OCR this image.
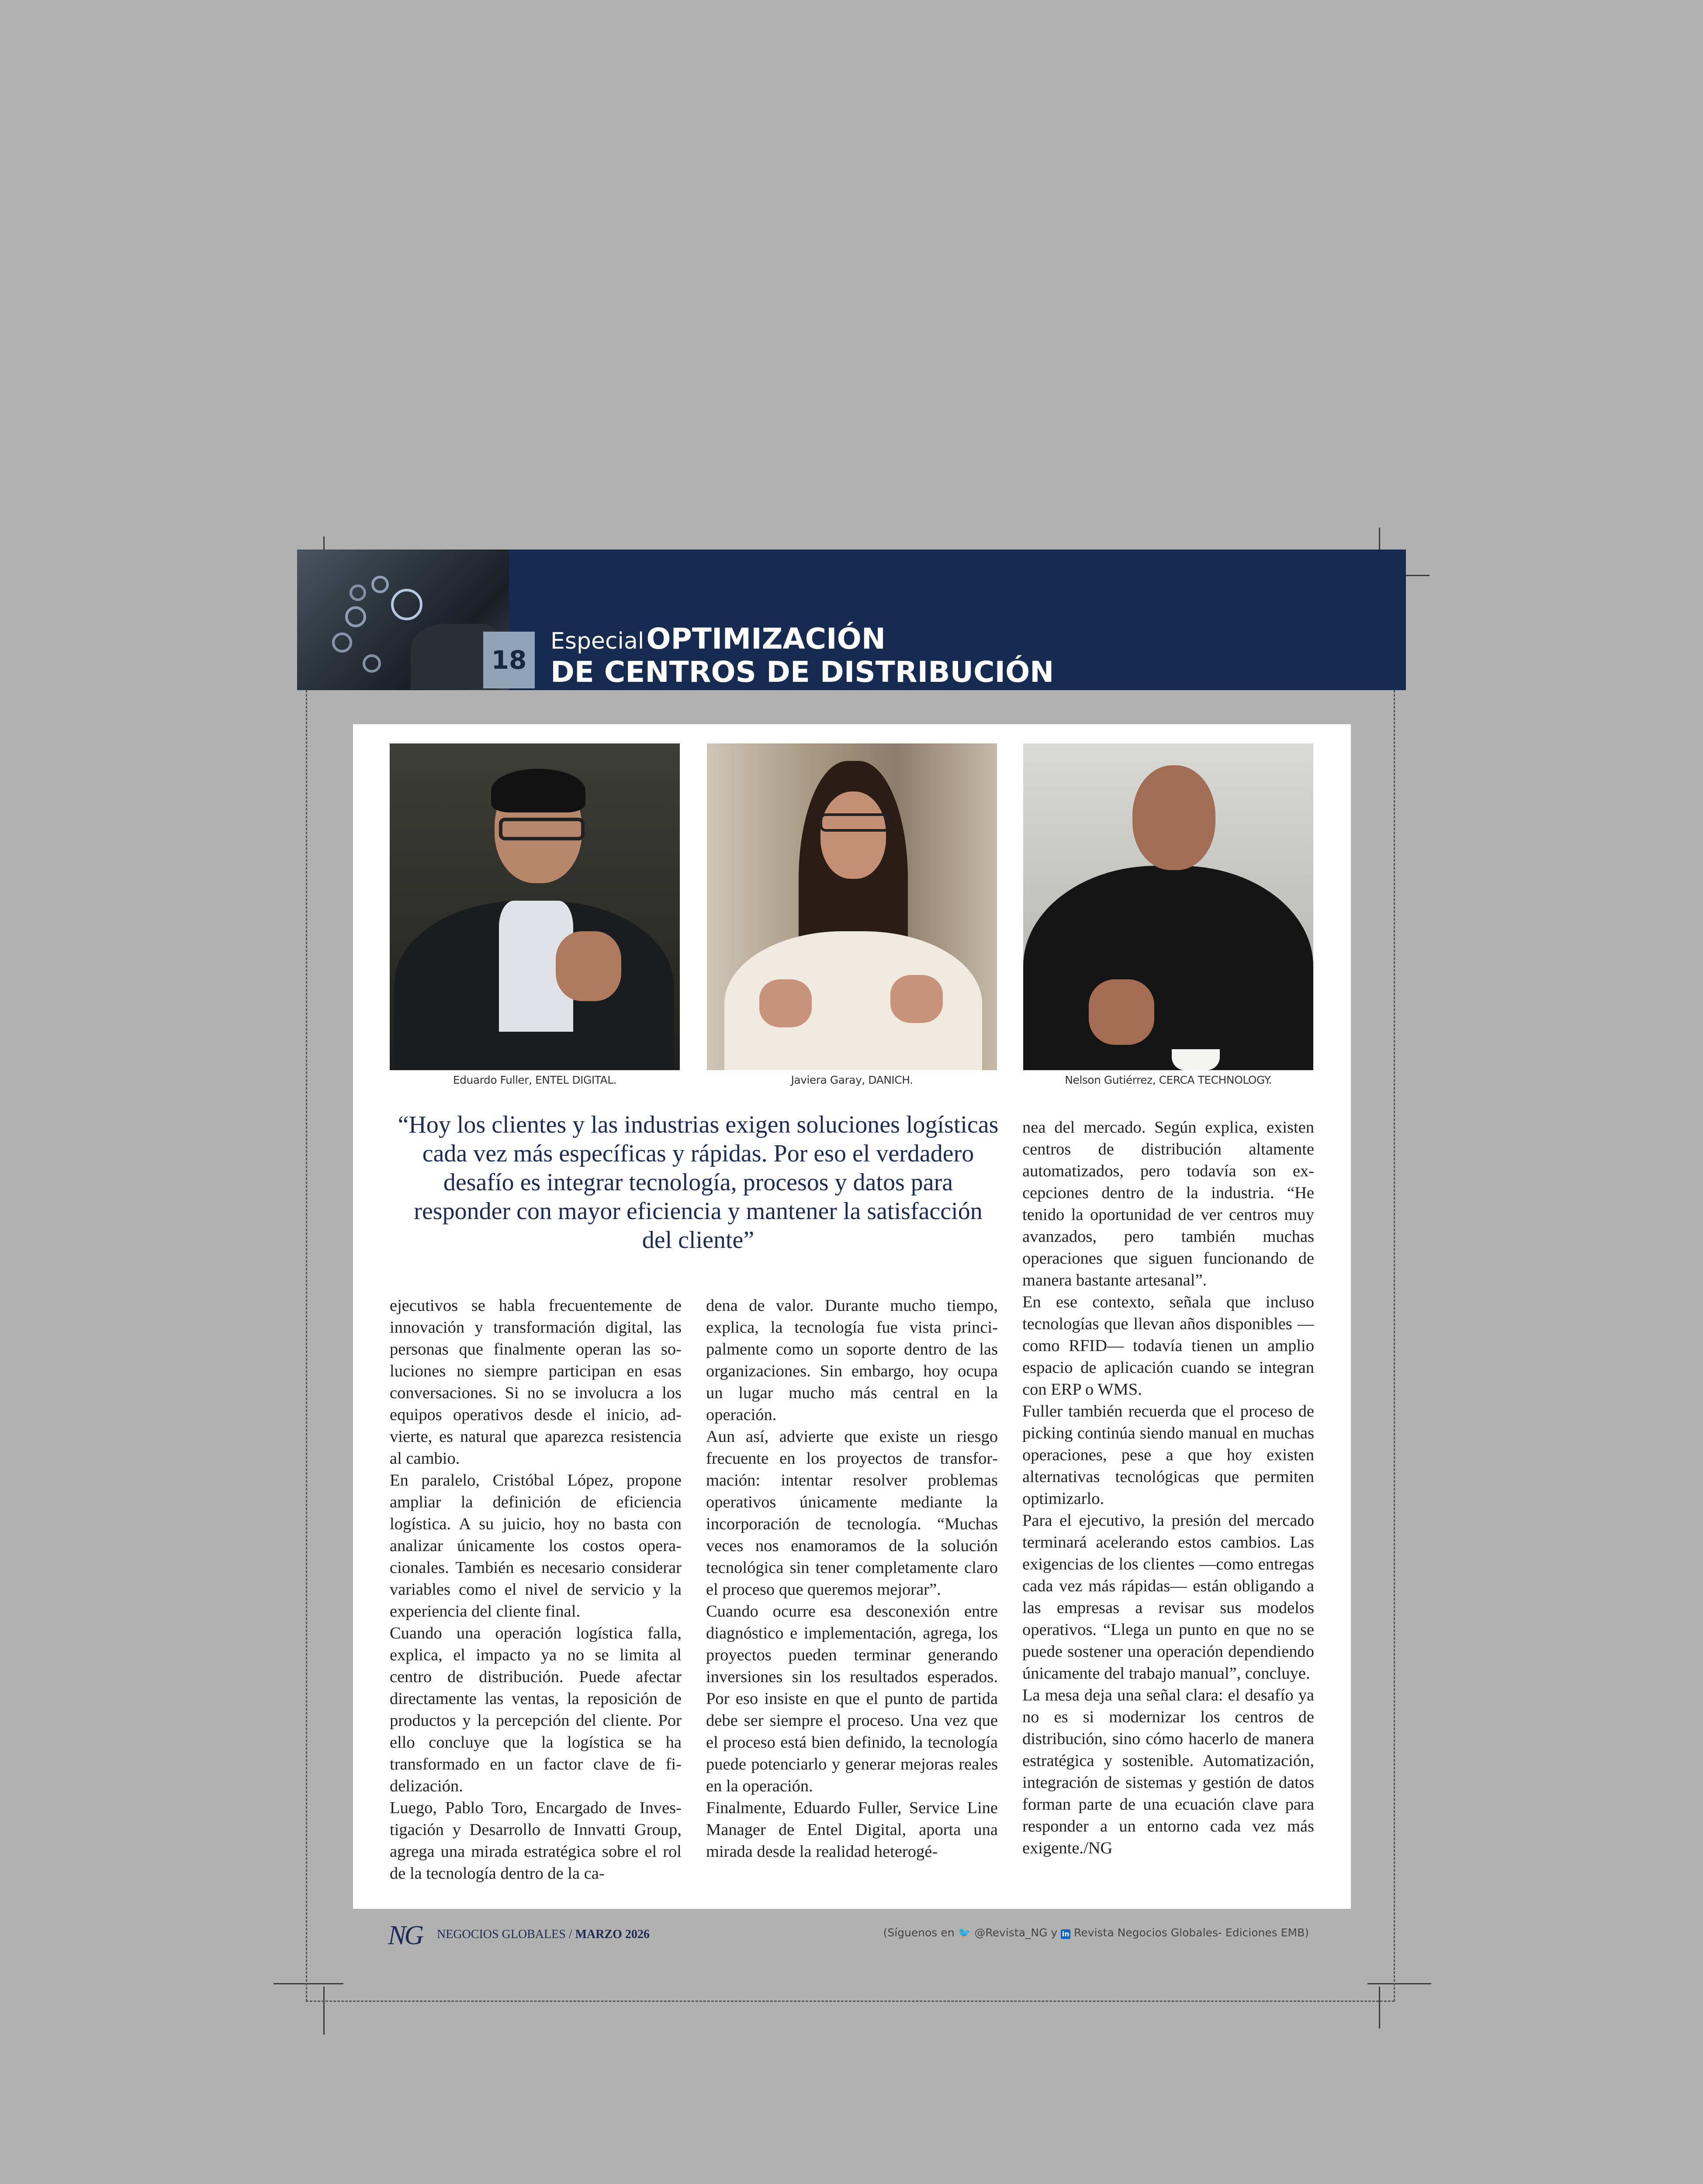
18
Especial OPTIMIZACIÓN
DE CENTROS DE DISTRIBUCIÓN
Eduardo Fuller, ENTEL DIGITAL.	Javiera Garay, DANICH.	Nelson Gutiérrez, CERCA TECHNOLOGY.
“Hoy los clientes y las industrias exigen soluciones logísticas cada vez más específicas y rápidas. Por eso el verdadero desafío es integrar tecnología, procesos y datos para responder con mayor eficiencia y mantener la satisfacción del cliente”

ejecutivos se habla frecuentemente de innovación y transformación digital, las personas que finalmente operan las soluciones no siempre participan en esas conversaciones. Si no se involucra a los equipos operativos desde el inicio, advierte, es natural que aparezca resistencia al cambio.

En paralelo, Cristóbal López, propone ampliar la definición de eficiencia logística. A su juicio, hoy no basta con analizar únicamente los costos operacionales. También es necesario considerar variables como el nivel de servicio y la experiencia del cliente final.

Cuando una operación logística falla, explica, el impacto ya no se limita al centro de distribución. Puede afectar directamente las ventas, la reposición de productos y la percepción del cliente. Por ello concluye que la logística se ha transformado en un factor clave de fidelización.

Luego, Pablo Toro, Encargado de Investigación y Desarrollo de Innvatti Group, agrega una mirada estratégica sobre el rol de la tecnología dentro de la ca-

dena de valor. Durante mucho tiempo, explica, la tecnología fue vista principalmente como un soporte dentro de las organizaciones. Sin embargo, hoy ocupa un lugar mucho más central en la operación.

Aun así, advierte que existe un riesgo frecuente en los proyectos de transformación: intentar resolver problemas operativos únicamente mediante la incorporación de tecnología. “Muchas veces nos enamoramos de la solución tecnológica sin tener completamente claro el proceso que queremos mejorar”.

Cuando ocurre esa desconexión entre diagnóstico e implementación, agrega, los proyectos pueden terminar generando inversiones sin los resultados esperados. Por eso insiste en que el punto de partida debe ser siempre el proceso. Una vez que el proceso está bien definido, la tecnología puede potenciarlo y generar mejoras reales en la operación.

Finalmente, Eduardo Fuller, Service Line Manager de Entel Digital, aporta una mirada desde la realidad heterogé-

nea del mercado. Según explica, existen centros de distribución altamente automatizados, pero todavía son excepciones dentro de la industria. “He tenido la oportunidad de ver centros muy avanzados, pero también muchas operaciones que siguen funcionando de manera bastante artesanal”.

En ese contexto, señala que incluso tecnologías que llevan años disponibles —como RFID— todavía tienen un amplio espacio de aplicación cuando se integran con ERP o WMS.

Fuller también recuerda que el proceso de picking continúa siendo manual en muchas operaciones, pese a que hoy existen alternativas tecnológicas que permiten optimizarlo.

Para el ejecutivo, la presión del mercado terminará acelerando estos cambios. Las exigencias de los clientes —como entregas cada vez más rápidas— están obligando a las empresas a revisar sus modelos operativos. “Llega un punto en que no se puede sostener una operación dependiendo únicamente del trabajo manual”, concluye.

La mesa deja una señal clara: el desafío ya no es si modernizar los centros de distribución, sino cómo hacerlo de manera estratégica y sostenible. Automatización, integración de sistemas y gestión de datos forman parte de una ecuación clave para responder a un entorno cada vez más exigente./NG

NG NEGOCIOS GLOBALES / MARZO 2026	(Síguenos en 🐦 @Revista_NG y in Revista Negocios Globales- Ediciones EMB)
